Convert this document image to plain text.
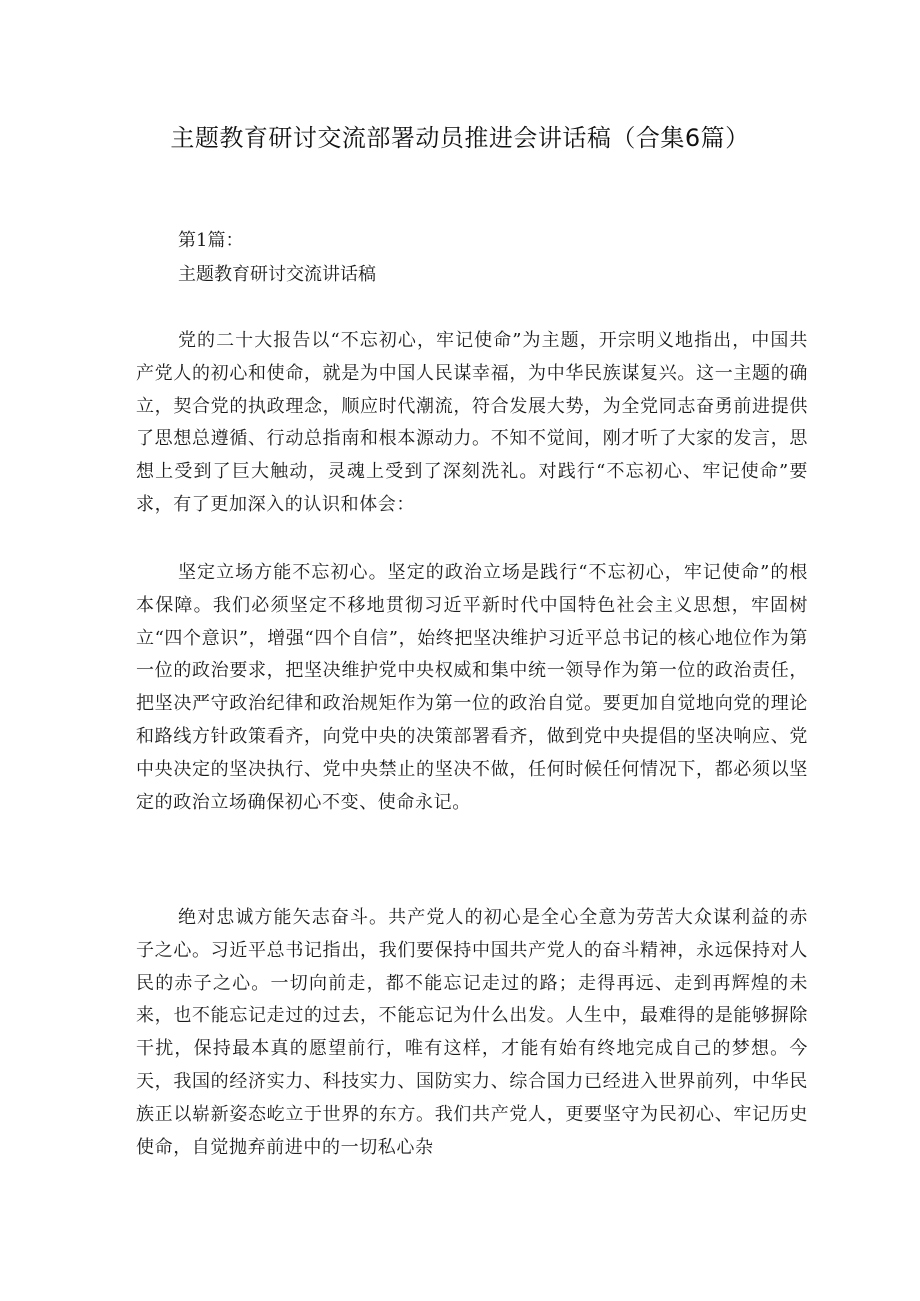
主题教育研讨交流部署动员推进会讲话稿（合集6篇）

第1篇：

主题教育研讨交流讲话稿

党的二十大报告以“不忘初心，牢记使命”为主题，开宗明义地指出，中国共产党人的初心和使命，就是为中国人民谋幸福，为中华民族谋复兴。这一主题的确立，契合党的执政理念，顺应时代潮流，符合发展大势，为全党同志奋勇前进提供了思想总遵循、行动总指南和根本源动力。不知不觉间，刚才听了大家的发言，思想上受到了巨大触动，灵魂上受到了深刻洗礼。对践行“不忘初心、牢记使命”要求，有了更加深入的认识和体会：

坚定立场方能不忘初心。坚定的政治立场是践行“不忘初心，牢记使命”的根本保障。我们必须坚定不移地贯彻习近平新时代中国特色社会主义思想，牢固树立“四个意识”，增强“四个自信”，始终把坚决维护习近平总书记的核心地位作为第一位的政治要求，把坚决维护党中央权威和集中统一领导作为第一位的政治责任，把坚决严守政治纪律和政治规矩作为第一位的政治自觉。要更加自觉地向党的理论和路线方针政策看齐，向党中央的决策部署看齐，做到党中央提倡的坚决响应、党中央决定的坚决执行、党中央禁止的坚决不做，任何时候任何情况下，都必须以坚定的政治立场确保初心不变、使命永记。

绝对忠诚方能矢志奋斗。共产党人的初心是全心全意为劳苦大众谋利益的赤子之心。习近平总书记指出，我们要保持中国共产党人的奋斗精神，永远保持对人民的赤子之心。一切向前走，都不能忘记走过的路；走得再远、走到再辉煌的未来，也不能忘记走过的过去，不能忘记为什么出发。人生中，最难得的是能够摒除干扰，保持最本真的愿望前行，唯有这样，才能有始有终地完成自己的梦想。今天，我国的经济实力、科技实力、国防实力、综合国力已经进入世界前列，中华民族正以崭新姿态屹立于世界的东方。我们共产党人，更要坚守为民初心、牢记历史使命，自觉抛弃前进中的一切私心杂
